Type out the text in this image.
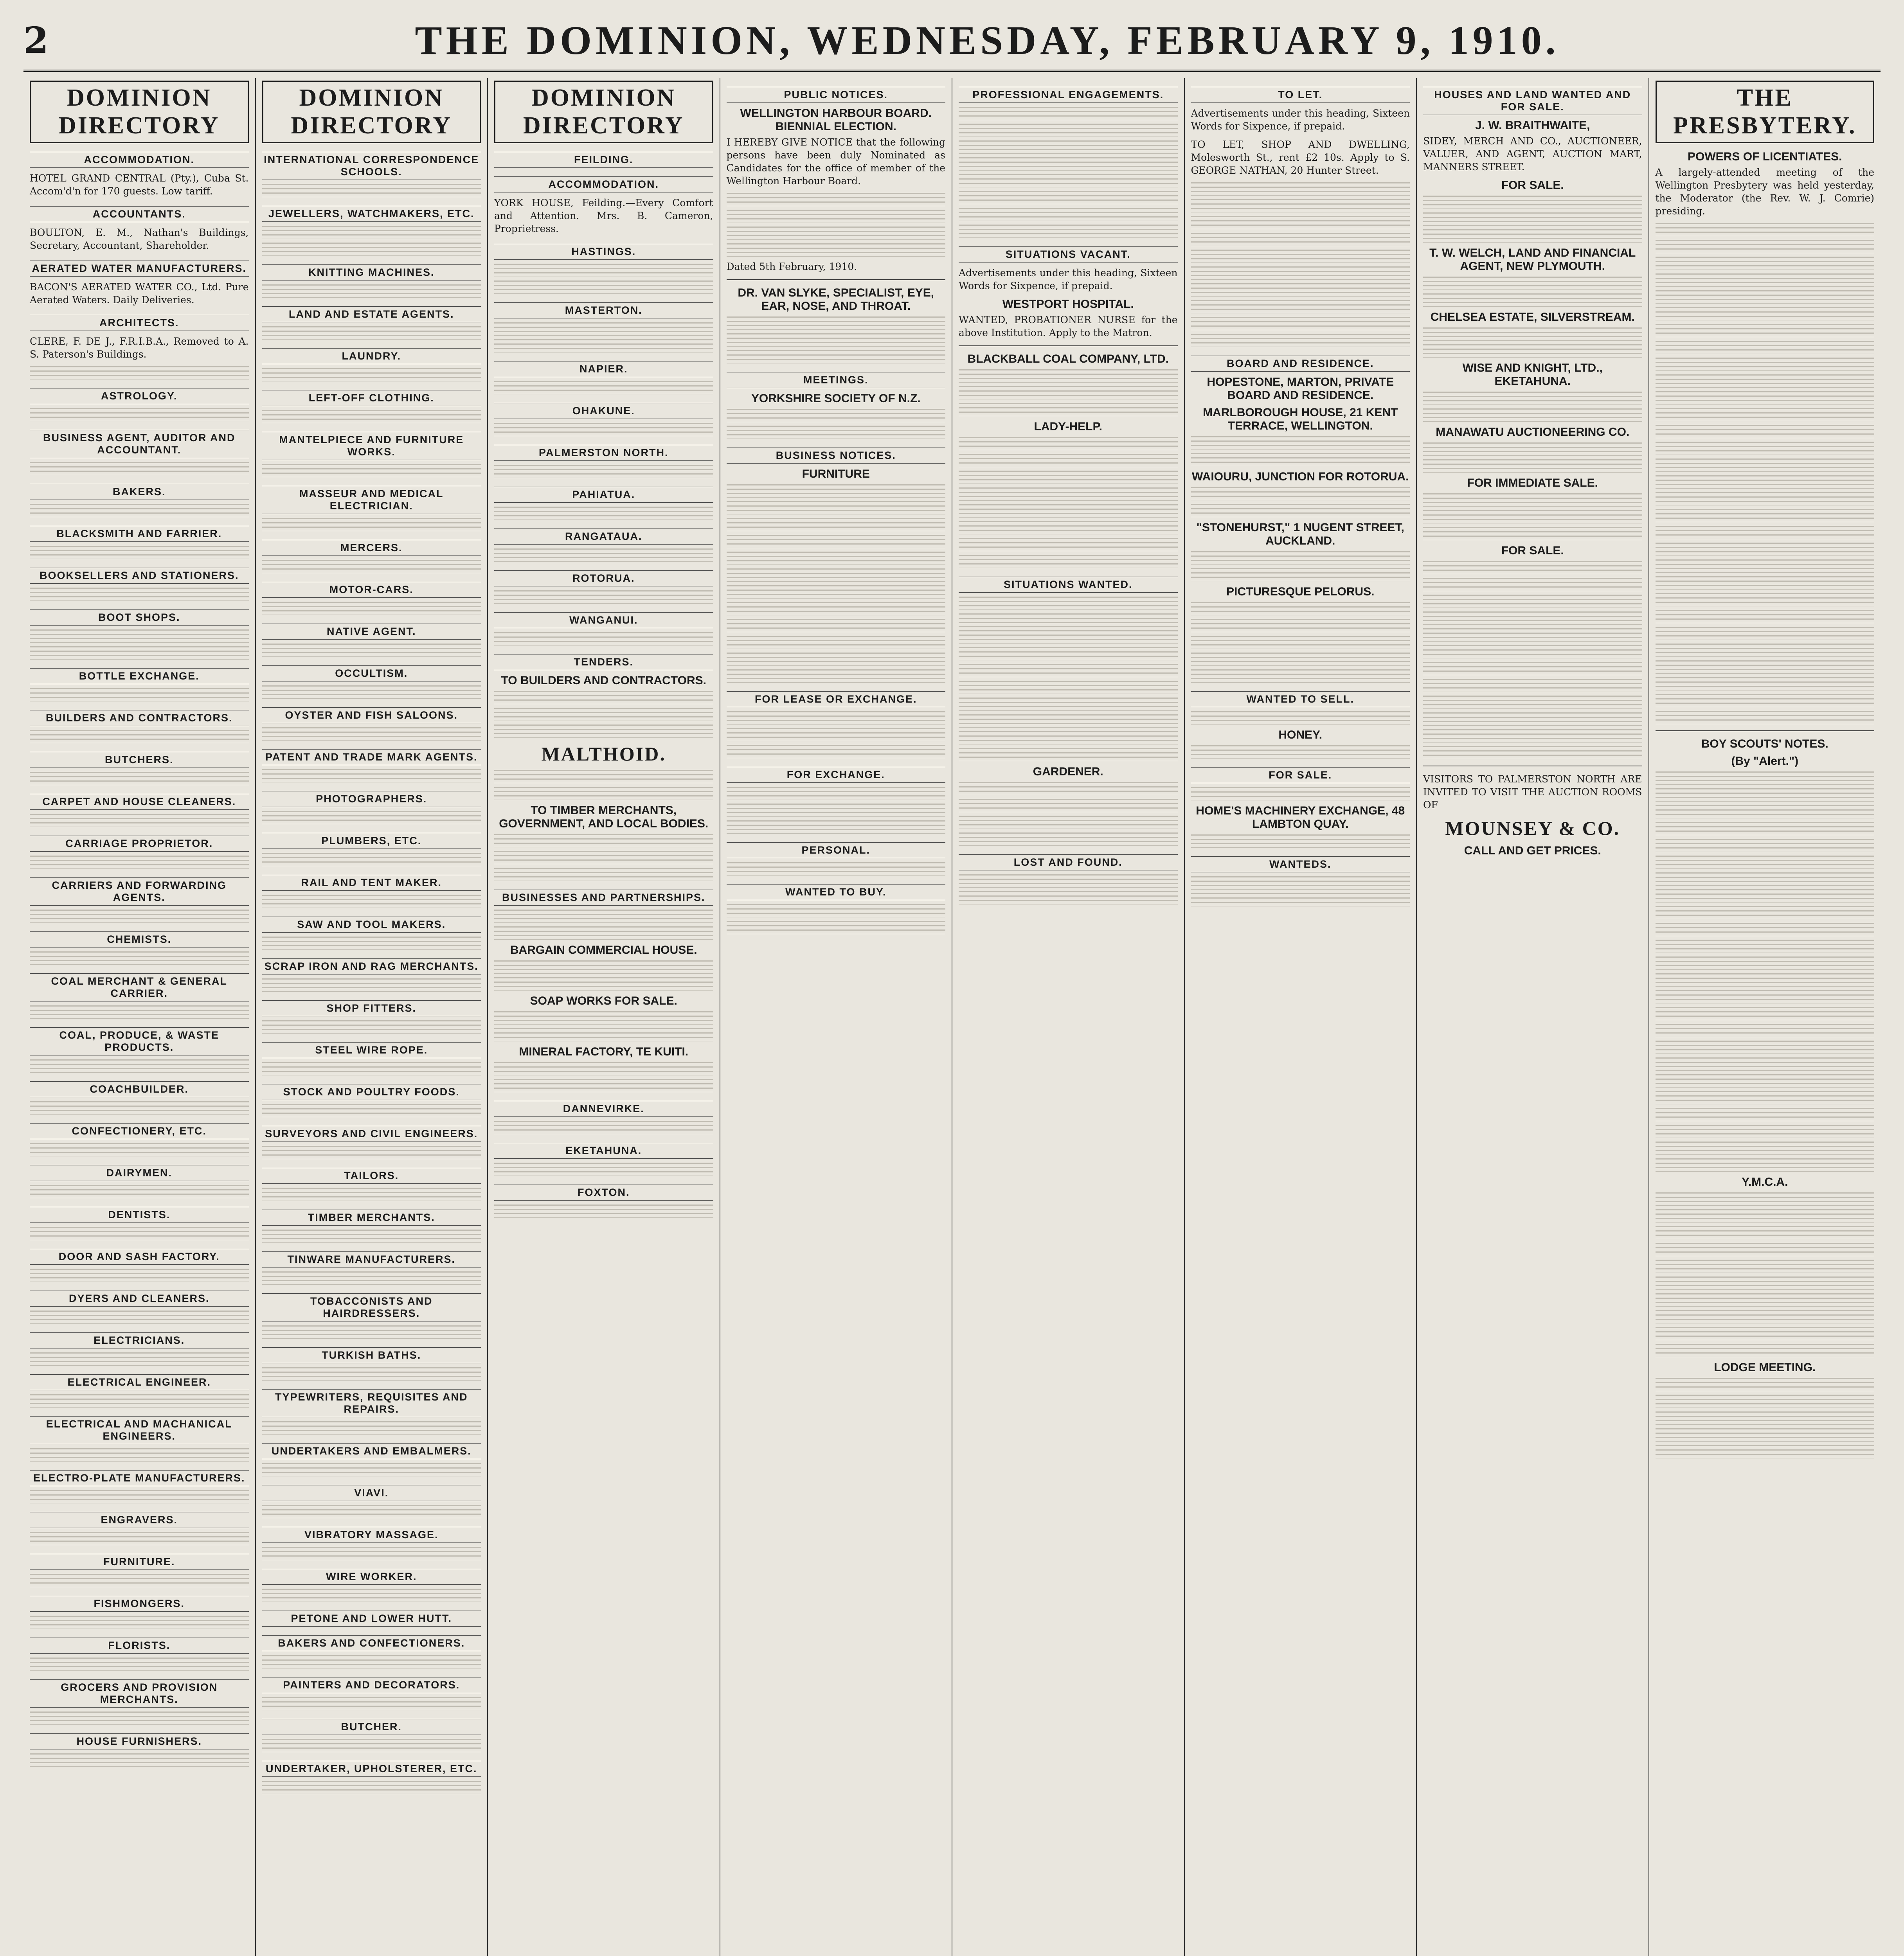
2	THE DOMINION, WEDNESDAY, FEBRUARY 9, 1910.
DOMINION DIRECTORY
ACCOMMODATION.
HOTEL GRAND CENTRAL (Pty.), Cuba St. Accom'd'n for 170 guests. Low tariff.
ACCOUNTANTS.
BOULTON, E. M., Nathan's Buildings, Secretary, Accountant, Shareholder.
AERATED WATER MANUFACTURERS.
BACON'S AERATED WATER CO., Ltd. Pure Aerated Waters. Daily Deliveries.
ARCHITECTS.
CLERE, F. DE J., F.R.I.B.A., Removed to A. S. Paterson's Buildings.
ASTROLOGY.
BUSINESS AGENT, AUDITOR AND ACCOUNTANT.
BAKERS.
BLACKSMITH AND FARRIER.
BOOKSELLERS AND STATIONERS.
BOOT SHOPS.
BOTTLE EXCHANGE.
BUILDERS AND CONTRACTORS.
BUTCHERS.
CARPET AND HOUSE CLEANERS.
CARRIAGE PROPRIETOR.
CARRIERS AND FORWARDING AGENTS.
CHEMISTS.
COAL MERCHANT & GENERAL CARRIER.
COAL, PRODUCE, & WASTE PRODUCTS.
COACHBUILDER.
CONFECTIONERY, ETC.
DAIRYMEN.
DENTISTS.
DOOR AND SASH FACTORY.
DYERS AND CLEANERS.
ELECTRICIANS.
ELECTRICAL ENGINEER.
ELECTRICAL AND MACHANICAL ENGINEERS.
ELECTRO-PLATE MANUFACTURERS.
ENGRAVERS.
FURNITURE.
FISHMONGERS.
FLORISTS.
GROCERS AND PROVISION MERCHANTS.
HOUSE FURNISHERS.
DOMINION DIRECTORY
INTERNATIONAL CORRESPONDENCE SCHOOLS.
JEWELLERS, WATCHMAKERS, ETC.
KNITTING MACHINES.
LAND AND ESTATE AGENTS.
LAUNDRY.
LEFT-OFF CLOTHING.
MANTELPIECE AND FURNITURE WORKS.
MASSEUR AND MEDICAL ELECTRICIAN.
MERCERS.
MOTOR-CARS.
NATIVE AGENT.
OCCULTISM.
OYSTER AND FISH SALOONS.
PATENT AND TRADE MARK AGENTS.
PHOTOGRAPHERS.
PLUMBERS, ETC.
RAIL AND TENT MAKER.
SAW AND TOOL MAKERS.
SCRAP IRON AND RAG MERCHANTS.
SHOP FITTERS.
STEEL WIRE ROPE.
STOCK AND POULTRY FOODS.
SURVEYORS AND CIVIL ENGINEERS.
TAILORS.
TIMBER MERCHANTS.
TINWARE MANUFACTURERS.
TOBACCONISTS AND HAIRDRESSERS.
TURKISH BATHS.
TYPEWRITERS, REQUISITES AND REPAIRS.
UNDERTAKERS AND EMBALMERS.
VIAVI.
VIBRATORY MASSAGE.
WIRE WORKER.
PETONE AND LOWER HUTT.
BAKERS AND CONFECTIONERS.
PAINTERS AND DECORATORS.
BUTCHER.
UNDERTAKER, UPHOLSTERER, ETC.
DOMINION DIRECTORY
FEILDING.
ACCOMMODATION.
YORK HOUSE, Feilding.—Every Comfort and Attention. Mrs. B. Cameron, Proprietress.
HASTINGS.
MASTERTON.
NAPIER.
OHAKUNE.
PALMERSTON NORTH.
PAHIATUA.
RANGATAUA.
ROTORUA.
WANGANUI.
TENDERS.
TO BUILDERS AND CONTRACTORS.
MALTHOID.
TO TIMBER MERCHANTS, GOVERNMENT, AND LOCAL BODIES.
BUSINESSES AND PARTNERSHIPS.
BARGAIN COMMERCIAL HOUSE.
SOAP WORKS FOR SALE.
MINERAL FACTORY, TE KUITI.
DANNEVIRKE.
EKETAHUNA.
FOXTON.
PUBLIC NOTICES.
WELLINGTON HARBOUR BOARD. BIENNIAL ELECTION.
I HEREBY GIVE NOTICE that the following persons have been duly Nominated as Candidates for the office of member of the Wellington Harbour Board.
Dated 5th February, 1910.
DR. VAN SLYKE, SPECIALIST, EYE, EAR, NOSE, AND THROAT.
MEETINGS.
YORKSHIRE SOCIETY OF N.Z.
BUSINESS NOTICES.
FURNITURE
FOR LEASE OR EXCHANGE.
FOR EXCHANGE.
PERSONAL.
WANTED TO BUY.
PROFESSIONAL ENGAGEMENTS.
SITUATIONS VACANT.
Advertisements under this heading, Sixteen Words for Sixpence, if prepaid.
WESTPORT HOSPITAL.
WANTED, PROBATIONER NURSE for the above Institution. Apply to the Matron.
BLACKBALL COAL COMPANY, LTD.
LADY-HELP.
SITUATIONS WANTED.
GARDENER.
LOST AND FOUND.
TO LET.
Advertisements under this heading, Sixteen Words for Sixpence, if prepaid.
TO LET, SHOP AND DWELLING, Molesworth St., rent £2 10s. Apply to S. GEORGE NATHAN, 20 Hunter Street.
BOARD AND RESIDENCE.
HOPESTONE, MARTON, PRIVATE BOARD AND RESIDENCE.
MARLBOROUGH HOUSE, 21 KENT TERRACE, WELLINGTON.
WAIOURU, JUNCTION FOR ROTORUA.
"STONEHURST," 1 NUGENT STREET, AUCKLAND.
PICTURESQUE PELORUS.
WANTED TO SELL.
HONEY.
FOR SALE.
HOME'S MACHINERY EXCHANGE, 48 LAMBTON QUAY.
WANTEDS.
HOUSES AND LAND WANTED AND FOR SALE.
J. W. BRAITHWAITE,
SIDEY, MERCH AND CO., AUCTIONEER, VALUER, AND AGENT, AUCTION MART, MANNERS STREET.
FOR SALE.
T. W. WELCH, LAND AND FINANCIAL AGENT, NEW PLYMOUTH.
CHELSEA ESTATE, SILVERSTREAM.
WISE AND KNIGHT, LTD., EKETAHUNA.
MANAWATU AUCTIONEERING CO.
FOR IMMEDIATE SALE.
FOR SALE.
VISITORS TO PALMERSTON NORTH ARE INVITED TO VISIT THE AUCTION ROOMS OF
MOUNSEY & CO.
CALL AND GET PRICES.
THE PRESBYTERY.
POWERS OF LICENTIATES.
A largely-attended meeting of the Wellington Presbytery was held yesterday, the Moderator (the Rev. W. J. Comrie) presiding.
BOY SCOUTS' NOTES.
(By "Alert.")
Y.M.C.A.
LODGE MEETING.
